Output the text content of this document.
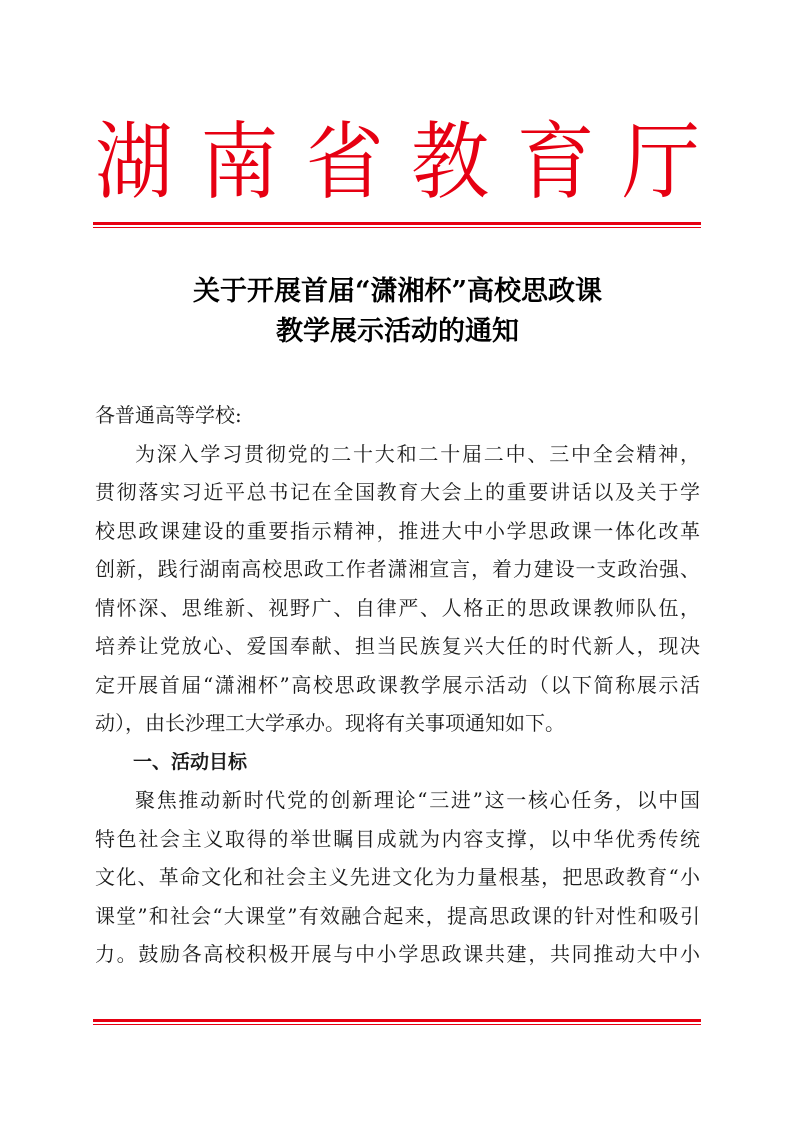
湖 南 省 教 育 厅
关于开展首届“潇湘杯”高校思政课
教学展示活动的通知

各普通高等学校:

为深入学习贯彻党的二十大和二十届二中、三中全会精神，
贯彻落实习近平总书记在全国教育大会上的重要讲话以及关于学
校思政课建设的重要指示精神，推进大中小学思政课一体化改革
创新，践行湖南高校思政工作者潇湘宣言，着力建设一支政治强、
情怀深、思维新、视野广、自律严、人格正的思政课教师队伍，
培养让党放心、爱国奉献、担当民族复兴大任的时代新人，现决
定开展首届“潇湘杯”高校思政课教学展示活动（以下简称展示活
动），由长沙理工大学承办。现将有关事项通知如下。

一、活动目标

聚焦推动新时代党的创新理论“三进”这一核心任务，以中国
特色社会主义取得的举世瞩目成就为内容支撑，以中华优秀传统
文化、革命文化和社会主义先进文化为力量根基，把思政教育“小
课堂”和社会“大课堂”有效融合起来，提高思政课的针对性和吸引
力。鼓励各高校积极开展与中小学思政课共建，共同推动大中小
